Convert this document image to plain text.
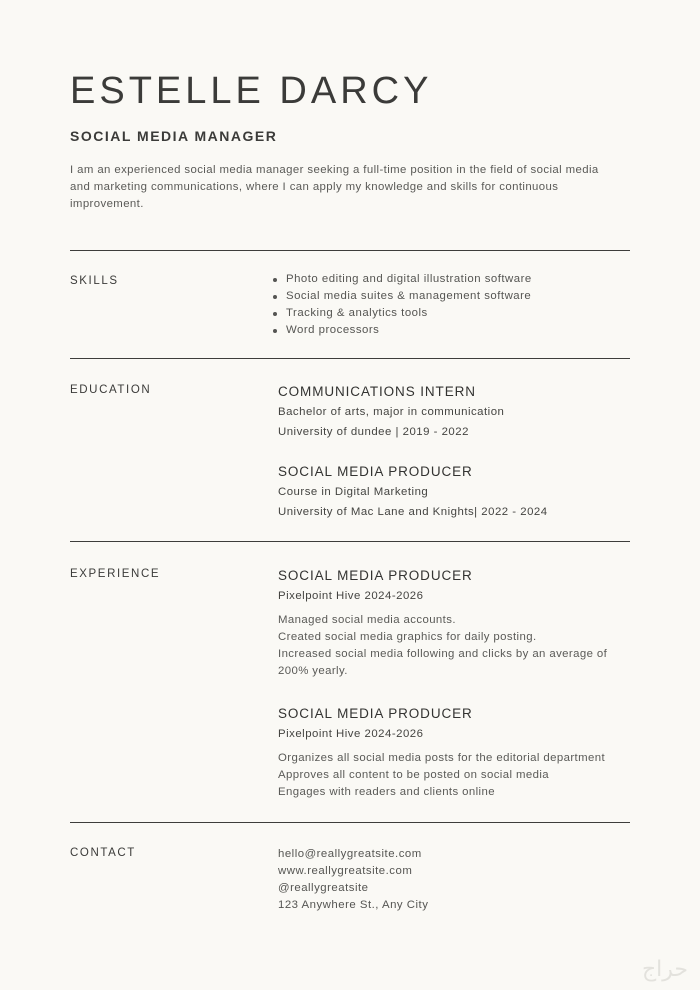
ESTELLE DARCY
SOCIAL MEDIA MANAGER

I am an experienced social media manager seeking a full-time position in the field of social media and marketing communications, where I can apply my knowledge and skills for continuous improvement.

SKILLS	Photo editing and digital illustration software
Social media suites & management software
Tracking & analytics tools
Word processors
EDUCATION	COMMUNICATIONS INTERN
Bachelor of arts, major in communication
University of dundee | 2019 - 2022
SOCIAL MEDIA PRODUCER
Course in Digital Marketing
University of Mac Lane and Knights| 2022 - 2024
EXPERIENCE	SOCIAL MEDIA PRODUCER
Pixelpoint Hive 2024-2026
Managed social media accounts.
Created social media graphics for daily posting.
Increased social media following and clicks by an average of
200% yearly.
SOCIAL MEDIA PRODUCER
Pixelpoint Hive 2024-2026
Organizes all social media posts for the editorial department
Approves all content to be posted on social media
Engages with readers and clients online
CONTACT	hello@reallygreatsite.com
www.reallygreatsite.com
@reallygreatsite
123 Anywhere St., Any City
حراج
